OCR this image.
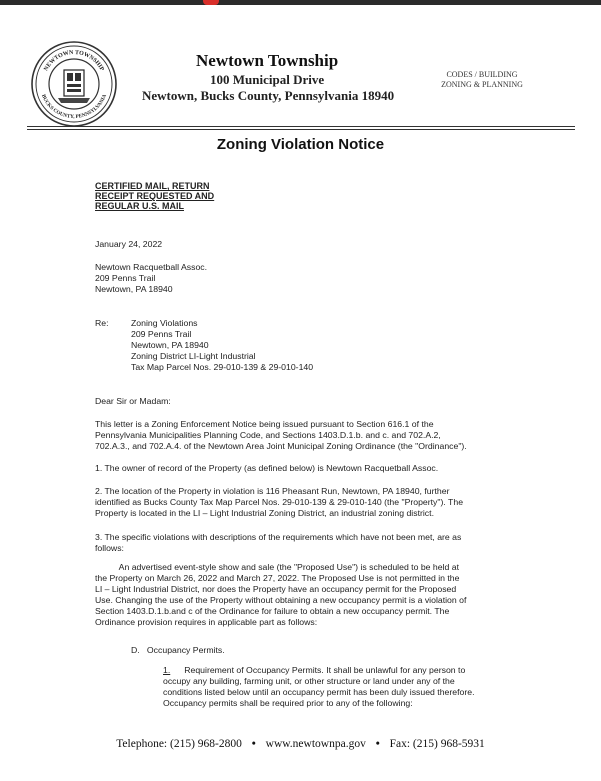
NEWTOWN TOWNSHIP
BUCKS COUNTY, PENNSYLVANIA
Newtown Township
100 Municipal Drive
Newtown, Bucks County, Pennsylvania 18940
CODES / BUILDING
ZONING & PLANNING
Zoning Violation Notice
CERTIFIED MAIL, RETURN
RECEIPT REQUESTED AND
REGULAR U.S. MAIL
January 24, 2022
Newtown Racquetball Assoc.
209 Penns Trail
Newtown, PA 18940
Re:	Zoning Violations
209 Penns Trail
Newtown, PA 18940
Zoning District LI-Light Industrial
Tax Map Parcel Nos. 29-010-139 & 29-010-140
Dear Sir or Madam:
This letter is a Zoning Enforcement Notice being issued pursuant to Section 616.1 of the
Pennsylvania Municipalities Planning Code, and Sections 1403.D.1.b. and c. and 702.A.2,
702.A.3., and 702.A.4. of the Newtown Area Joint Municipal Zoning Ordinance (the "Ordinance").
1. The owner of record of the Property (as defined below) is Newtown Racquetball Assoc.
2. The location of the Property in violation is 116 Pheasant Run, Newtown, PA 18940, further
identified as Bucks County Tax Map Parcel Nos. 29-010-139 & 29-010-140 (the "Property"). The
Property is located in the LI – Light Industrial Zoning District, an industrial zoning district.
3. The specific violations with descriptions of the requirements which have not been met, are as
follows:
An advertised event-style show and sale (the "Proposed Use") is scheduled to be held at
the Property on March 26, 2022 and March 27, 2022. The Proposed Use is not permitted in the
LI – Light Industrial District, nor does the Property have an occupancy permit for the Proposed
Use. Changing the use of the Property without obtaining a new occupancy permit is a violation of
Section 1403.D.1.b.and c of the Ordinance for failure to obtain a new occupancy permit. The
Ordinance provision requires in applicable part as follows:
D.   Occupancy Permits.
1. Requirement of Occupancy Permits. It shall be unlawful for any person to
occupy any building, farming unit, or other structure or land under any of the
conditions listed below until an occupancy permit has been duly issued therefore.
Occupancy permits shall be required prior to any of the following:
Telephone: (215) 968-2800 • www.newtownpa.gov • Fax: (215) 968-5931
